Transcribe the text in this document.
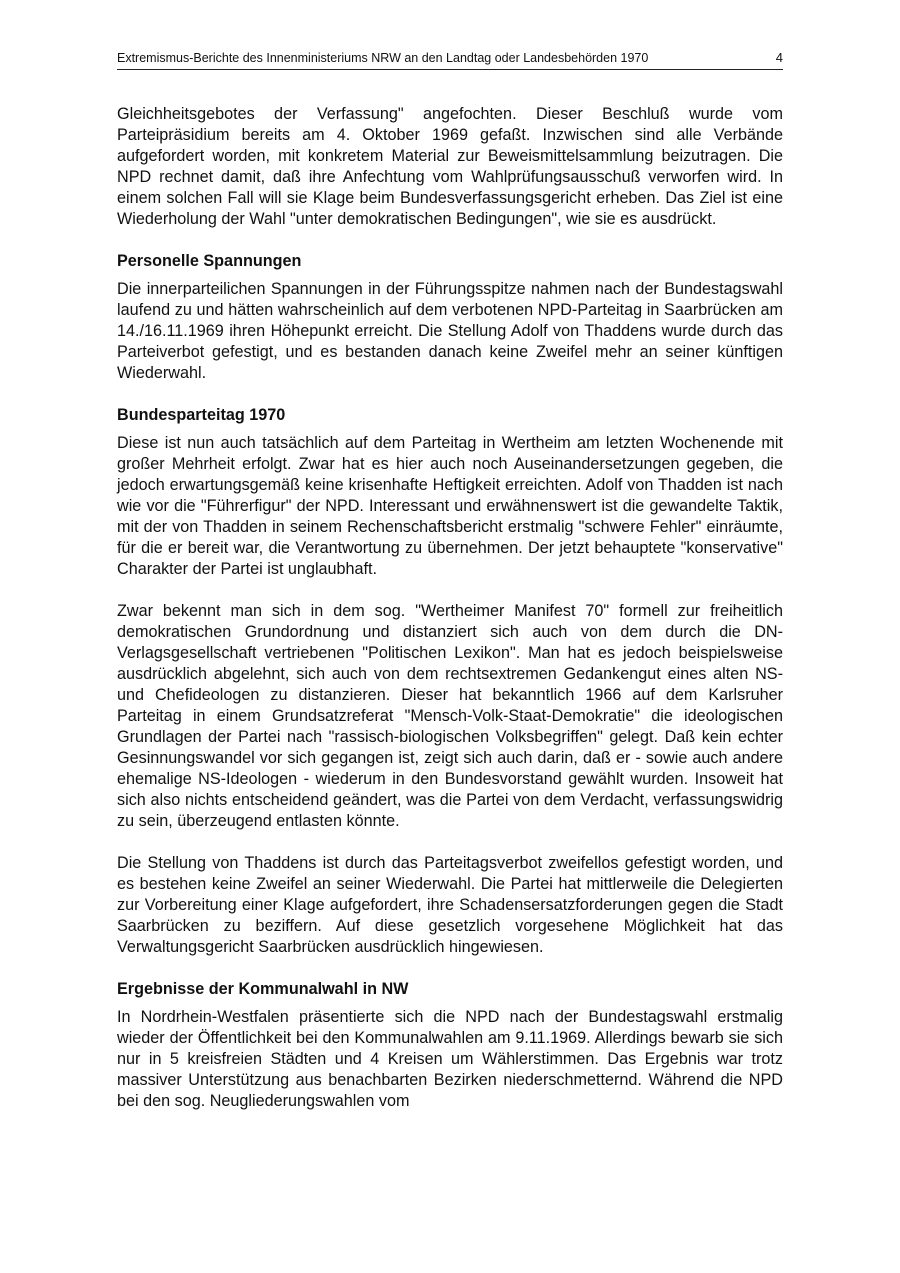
Extremismus-Berichte des Innenministeriums NRW an den Landtag oder Landesbehörden 1970	4

Gleichheitsgebotes der Verfassung" angefochten. Dieser Beschluß wurde vom Parteipräsidium bereits am 4. Oktober 1969 gefaßt. Inzwischen sind alle Verbände aufgefordert worden, mit konkretem Material zur Beweismittelsammlung beizutragen. Die NPD rechnet damit, daß ihre Anfechtung vom Wahlprüfungsausschuß verworfen wird. In einem solchen Fall will sie Klage beim Bundesverfassungsgericht erheben. Das Ziel ist eine Wiederholung der Wahl "unter demokratischen Bedingungen", wie sie es ausdrückt.

Personelle Spannungen

Die innerparteilichen Spannungen in der Führungsspitze nahmen nach der Bundestagswahl laufend zu und hätten wahrscheinlich auf dem verbotenen NPD-Parteitag in Saarbrücken am 14./16.11.1969 ihren Höhepunkt erreicht. Die Stellung Adolf von Thaddens wurde durch das Parteiverbot gefestigt, und es bestanden danach keine Zweifel mehr an seiner künftigen Wiederwahl.

Bundesparteitag 1970

Diese ist nun auch tatsächlich auf dem Parteitag in Wertheim am letzten Wochenende mit großer Mehrheit erfolgt. Zwar hat es hier auch noch Auseinandersetzungen gegeben, die jedoch erwartungsgemäß keine krisenhafte Heftigkeit erreichten. Adolf von Thadden ist nach wie vor die "Führerfigur" der NPD. Interessant und erwähnenswert ist die gewandelte Taktik, mit der von Thadden in seinem Rechenschaftsbericht erstmalig "schwere Fehler" einräumte, für die er bereit war, die Verantwortung zu übernehmen. Der jetzt behauptete "konservative" Charakter der Partei ist unglaubhaft.

Zwar bekennt man sich in dem sog. "Wertheimer Manifest 70" formell zur freiheitlich demokratischen Grundordnung und distanziert sich auch von dem durch die DN-Verlagsgesellschaft vertriebenen "Politischen Lexikon". Man hat es jedoch beispielsweise ausdrücklich abgelehnt, sich auch von dem rechtsextremen Gedankengut eines alten NS- und Chefideologen zu distanzieren. Dieser hat bekanntlich 1966 auf dem Karlsruher Parteitag in einem Grundsatzreferat "Mensch-Volk-Staat-Demokratie" die ideologischen Grundlagen der Partei nach "rassisch-biologischen Volksbegriffen" gelegt. Daß kein echter Gesinnungswandel vor sich gegangen ist, zeigt sich auch darin, daß er - sowie auch andere ehemalige NS-Ideologen - wiederum in den Bundesvorstand gewählt wurden. Insoweit hat sich also nichts entscheidend geändert, was die Partei von dem Verdacht, verfassungswidrig zu sein, überzeugend entlasten könnte.

Die Stellung von Thaddens ist durch das Parteitagsverbot zweifellos gefestigt worden, und es bestehen keine Zweifel an seiner Wiederwahl. Die Partei hat mittlerweile die Delegierten zur Vorbereitung einer Klage aufgefordert, ihre Schadensersatzforderungen gegen die Stadt Saarbrücken zu beziffern. Auf diese gesetzlich vorgesehene Möglichkeit hat das Verwaltungsgericht Saarbrücken ausdrücklich hingewiesen.

Ergebnisse der Kommunalwahl in NW

In Nordrhein-Westfalen präsentierte sich die NPD nach der Bundestagswahl erstmalig wieder der Öffentlichkeit bei den Kommunalwahlen am 9.11.1969. Allerdings bewarb sie sich nur in 5 kreisfreien Städten und 4 Kreisen um Wählerstimmen. Das Ergebnis war trotz massiver Unterstützung aus benachbarten Bezirken niederschmetternd. Während die NPD bei den sog. Neugliederungswahlen vom
